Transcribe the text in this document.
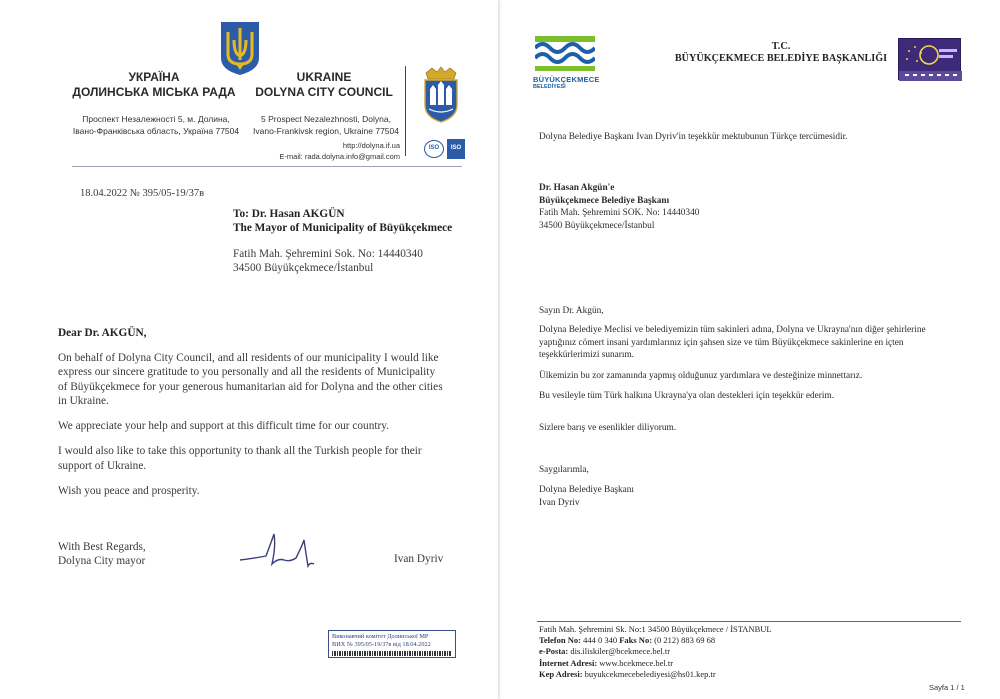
УКРАЇНА
ДОЛИНСЬКА МІСЬКА РАДА
Проспект Незалежності 5, м. Долина,
Івано-Франківська область, Україна 77504
UKRAINE
DOLYNA CITY COUNCIL
5 Prospect Nezalezhnosti, Dolyna,
Ivano-Frankivsk region, Ukraine 77504
http://dolyna.if.ua
E-mail: rada.dolyna.info@gmail.com
ISO	ISO
18.04.2022 № 395/05-19/37в
To: Dr. Hasan AKGÜN
The Mayor of Municipality of Büyükçekmece
Fatih Mah. Şehremini Sok. No: 14440340
34500 Büyükçekmece/İstanbul
Dear Dr. AKGÜN,
On behalf of Dolyna City Council, and all residents of our municipality I would like
express our sincere gratitude to you personally and all the residents of Municipality
of Büyükçekmece for your generous humanitarian aid for Dolyna and the other cities
in Ukraine.
We appreciate your help and support at this difficult time for our country.
I would also like to take this opportunity to thank all the Turkish people for their
support of Ukraine.
Wish you peace and prosperity.
With Best Regards,
Dolyna City mayor	Ivan Dyriv
Виконавчий комітет Долинської МР
ВИХ № 395/05-19/37в від 18.04.2022
BÜYÜKÇEKMECE
BELEDİYESİ
T.C.
BÜYÜKÇEKMECE BELEDİYE BAŞKANLIĞI
Dolyna Belediye Başkanı Ivan Dyriv'in teşekkür mektubunun Türkçe tercümesidir.
Dr. Hasan Akgün'e
Büyükçekmece Belediye Başkanı
Fatih Mah. Şehremini SOK. No: 14440340
34500 Büyükçekmece/İstanbul
Sayın Dr. Akgün,
Dolyna Belediye Meclisi ve belediyemizin tüm sakinleri adına, Dolyna ve Ukrayna'nın diğer şehirlerine
yaptığınız cömert insani yardımlarınız için şahsen size ve tüm Büyükçekmece sakinlerine en içten
teşekkürlerimizi sunarım.
Ülkemizin bu zor zamanında yapmış olduğunuz yardımlara ve desteğinize minnettarız.
Bu vesileyle tüm Türk halkına Ukrayna'ya olan destekleri için teşekkür ederim.
Sizlere barış ve esenlikler diliyorum.
Saygılarımla,
Dolyna Belediye Başkanı
Ivan Dyriv
Fatih Mah. Şehremini Sk. No:1 34500 Büyükçekmece / İSTANBUL
Telefon No: 444 0 340 Faks No: (0 212) 883 69 68
e-Posta: dis.iliskiler@bcekmece.bel.tr
İnternet Adresi: www.bcekmece.bel.tr
Kep Adresi: buyukcekmecebelediyesi@hs01.kep.tr
Sayfa 1 / 1
